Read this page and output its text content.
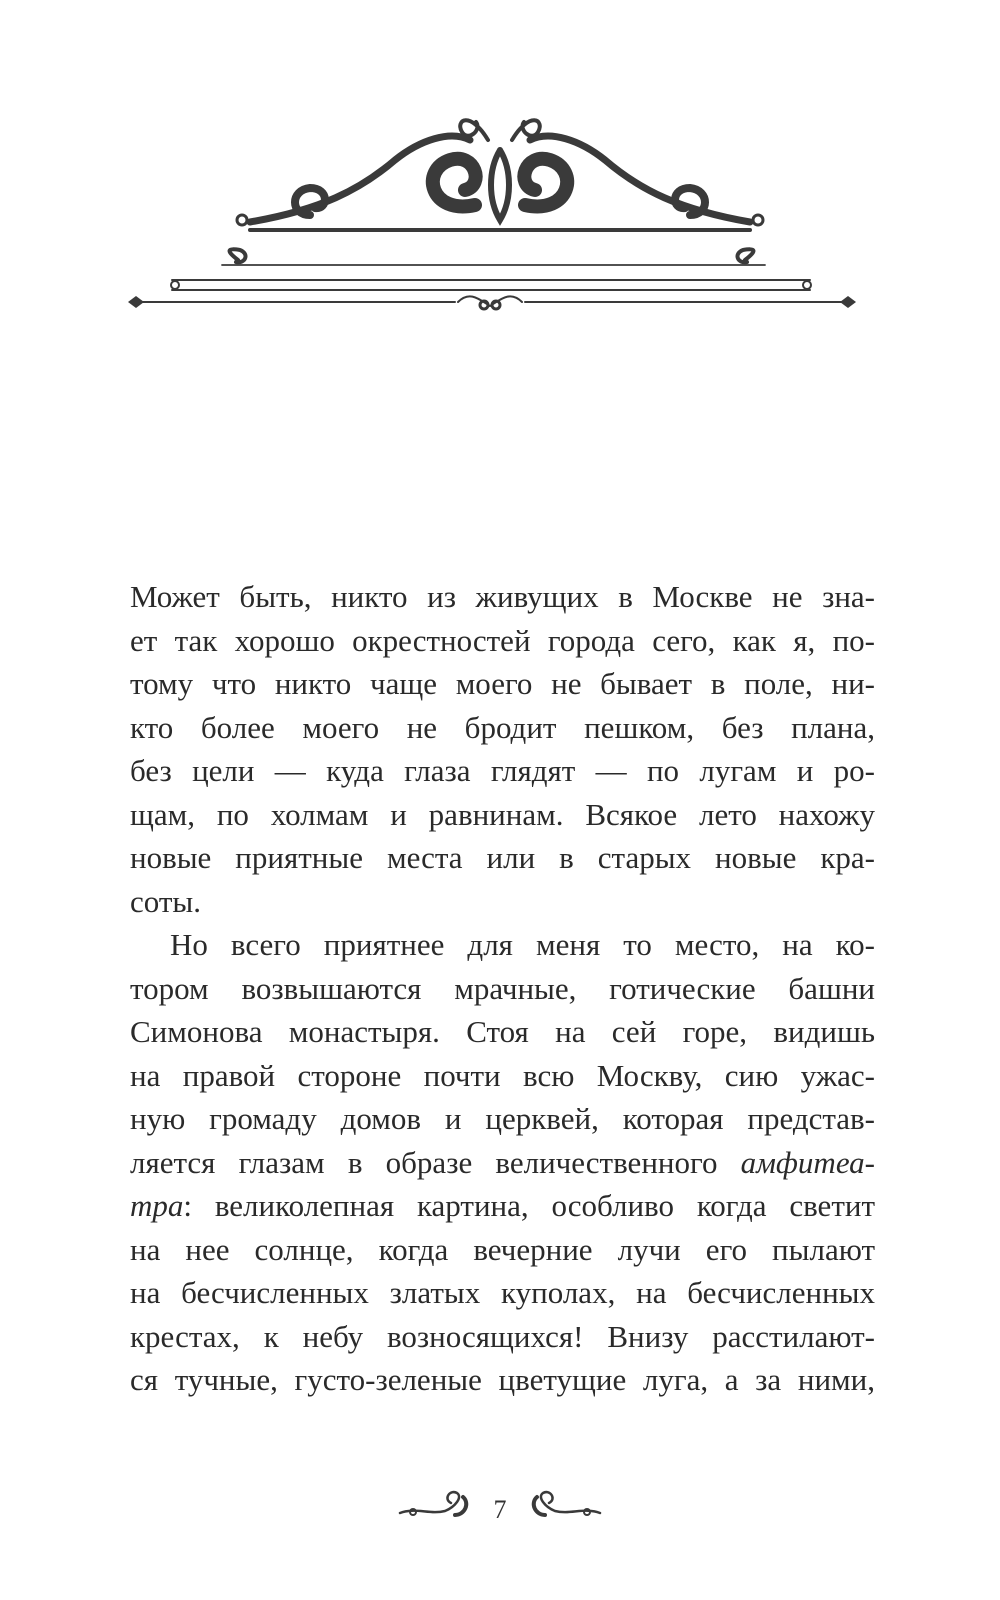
Может быть, никто из живущих в Москве не зна-
ет так хорошо окрестностей города сего, как я, по-
тому что никто чаще моего не бывает в поле, ни-
кто более моего не бродит пешком, без плана,
без цели — куда глаза глядят — по лугам и ро-
щам, по холмам и равнинам. Всякое лето нахожу
новые приятные места или в старых новые кра-
соты.
Но всего приятнее для меня то место, на ко-
тором возвышаются мрачные, готические башни
Симонова монастыря. Стоя на сей горе, видишь
на правой стороне почти всю Москву, сию ужас-
ную громаду домов и церквей, которая представ-
ляется глазам в образе величественного амфитеа-
тра: великолепная картина, особливо когда светит
на нее солнце, когда вечерние лучи его пылают
на бесчисленных златых куполах, на бесчисленных
крестах, к небу возносящихся! Внизу расстилают-
ся тучные, густо-зеленые цветущие луга, а за ними,
7
